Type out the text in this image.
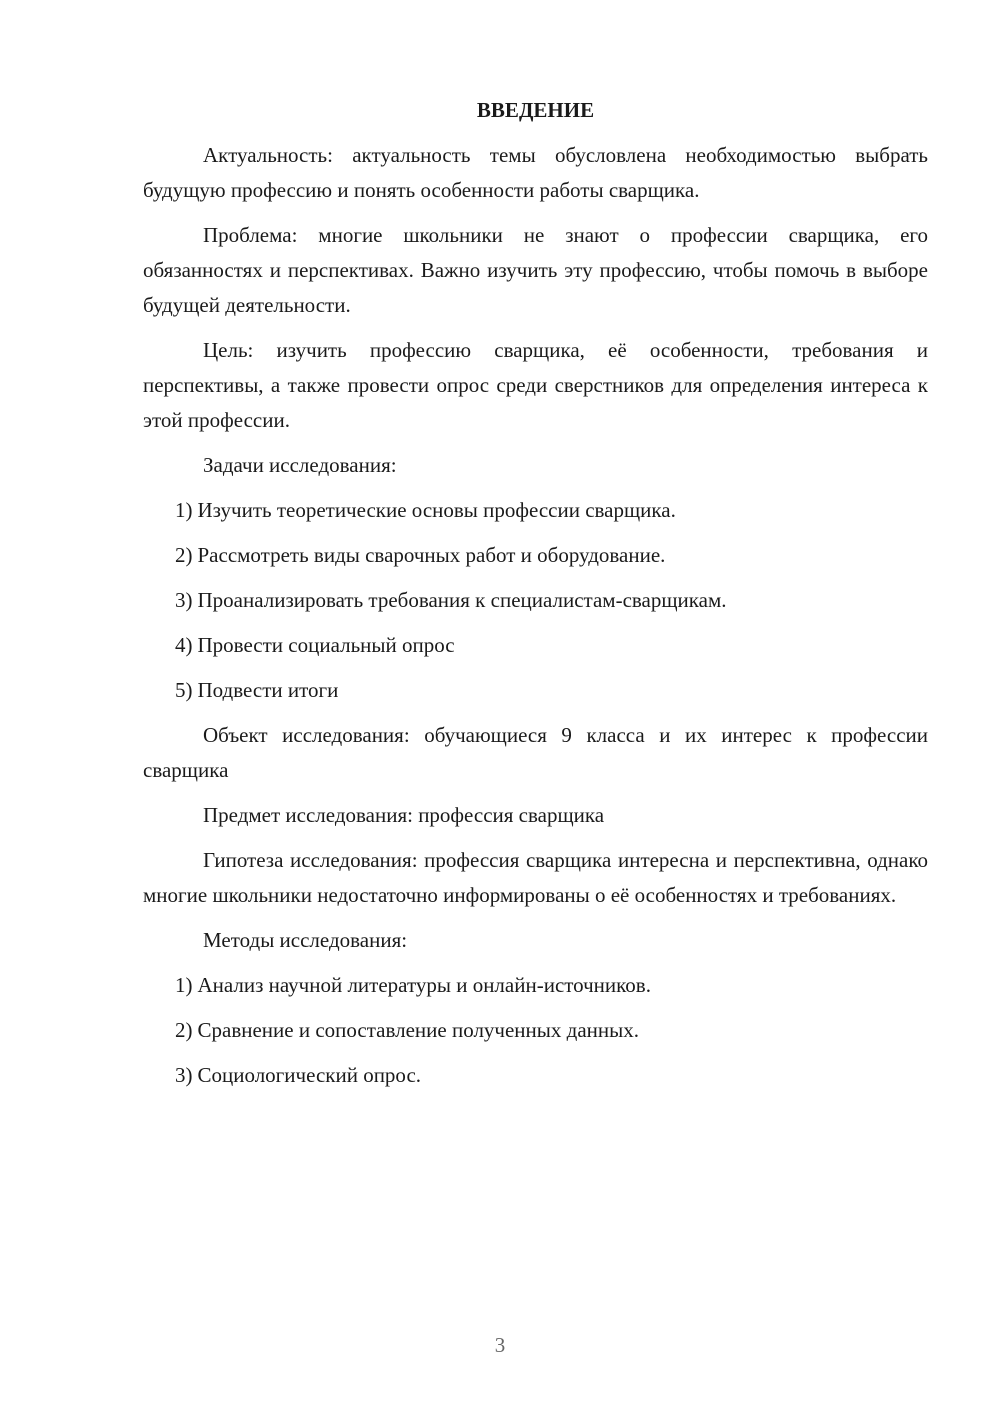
ВВЕДЕНИЕ

Актуальность: актуальность темы обусловлена необходимостью выбрать будущую профессию и понять особенности работы сварщика.

Проблема: многие школьники не знают о профессии сварщика, его обязанностях и перспективах. Важно изучить эту профессию, чтобы помочь в выборе будущей деятельности.

Цель: изучить профессию сварщика, её особенности, требования и перспективы, а также провести опрос среди сверстников для определения интереса к этой профессии.

Задачи исследования:

1) Изучить теоретические основы профессии сварщика.
2) Рассмотреть виды сварочных работ и оборудование.
3) Проанализировать требования к специалистам-сварщикам.
4) Провести социальный опрос
5) Подвести итоги

Объект исследования: обучающиеся 9 класса и их интерес к профессии сварщика

Предмет исследования: профессия сварщика

Гипотеза исследования: профессия сварщика интересна и перспективна, однако многие школьники недостаточно информированы о её особенностях и требованиях.

Методы исследования:

1) Анализ научной литературы и онлайн-источников.
2) Сравнение и сопоставление полученных данных.
3) Социологический опрос.
3
